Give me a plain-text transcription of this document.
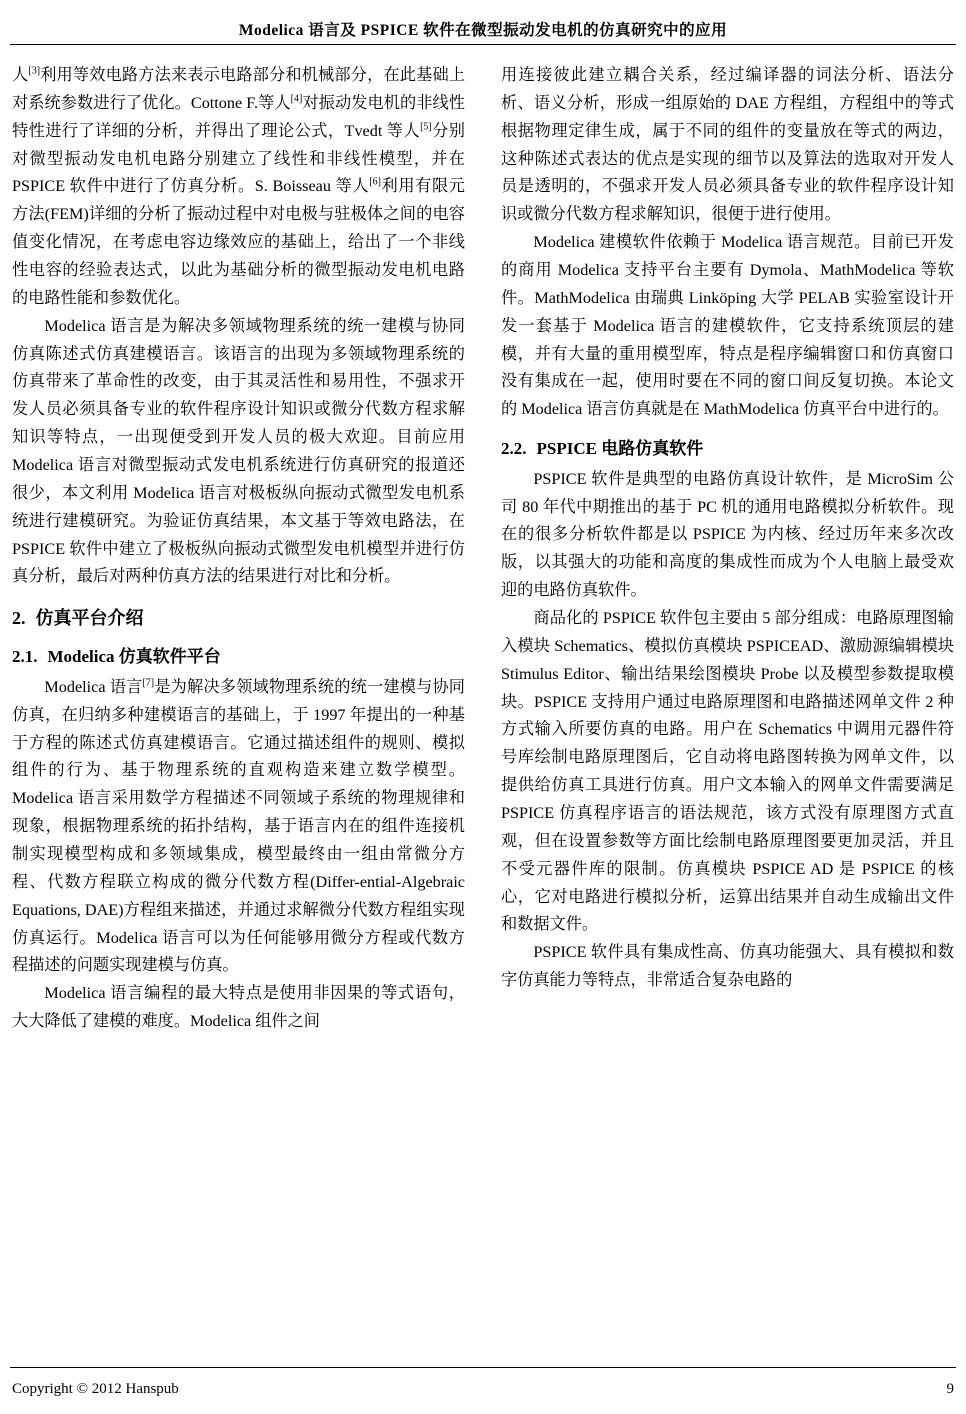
Modelica 语言及 PSPICE 软件在微型振动发电机的仿真研究中的应用

人[3]利用等效电路方法来表示电路部分和机械部分，在此基础上对系统参数进行了优化。Cottone F.等人[4]对振动发电机的非线性特性进行了详细的分析，并得出了理论公式，Tvedt 等人[5]分别对微型振动发电机电路分别建立了线性和非线性模型，并在 PSPICE 软件中进行了仿真分析。S. Boisseau 等人[6]利用有限元方法(FEM)详细的分析了振动过程中对电极与驻极体之间的电容值变化情况，在考虑电容边缘效应的基础上，给出了一个非线性电容的经验表达式，以此为基础分析的微型振动发电机电路的电路性能和参数优化。

Modelica 语言是为解决多领域物理系统的统一建模与协同仿真陈述式仿真建模语言。该语言的出现为多领域物理系统的仿真带来了革命性的改变，由于其灵活性和易用性，不强求开发人员必须具备专业的软件程序设计知识或微分代数方程求解知识等特点，一出现便受到开发人员的极大欢迎。目前应用 Modelica 语言对微型振动式发电机系统进行仿真研究的报道还很少，本文利用 Modelica 语言对极板纵向振动式微型发电机系统进行建模研究。为验证仿真结果，本文基于等效电路法，在 PSPICE 软件中建立了极板纵向振动式微型发电机模型并进行仿真分析，最后对两种仿真方法的结果进行对比和分析。

2. 仿真平台介绍
2.1. Modelica 仿真软件平台

Modelica 语言[7]是为解决多领域物理系统的统一建模与协同仿真，在归纳多种建模语言的基础上，于 1997 年提出的一种基于方程的陈述式仿真建模语言。它通过描述组件的规则、模拟组件的行为、基于物理系统的直观构造来建立数学模型。Modelica 语言采用数学方程描述不同领域子系统的物理规律和现象，根据物理系统的拓扑结构，基于语言内在的组件连接机制实现模型构成和多领域集成，模型最终由一组由常微分方程、代数方程联立构成的微分代数方程(Differ-ential-Algebraic Equations, DAE)方程组来描述，并通过求解微分代数方程组实现仿真运行。Modelica 语言可以为任何能够用微分方程或代数方程描述的问题实现建模与仿真。

Modelica 语言编程的最大特点是使用非因果的等式语句，大大降低了建模的难度。Modelica 组件之间

用连接彼此建立耦合关系，经过编译器的词法分析、语法分析、语义分析，形成一组原始的 DAE 方程组，方程组中的等式根据物理定律生成，属于不同的组件的变量放在等式的两边，这种陈述式表达的优点是实现的细节以及算法的选取对开发人员是透明的，不强求开发人员必须具备专业的软件程序设计知识或微分代数方程求解知识，很便于进行使用。

Modelica 建模软件依赖于 Modelica 语言规范。目前已开发的商用 Modelica 支持平台主要有 Dymola、MathModelica 等软件。MathModelica 由瑞典 Linköping 大学 PELAB 实验室设计开发一套基于 Modelica 语言的建模软件，它支持系统顶层的建模，并有大量的重用模型库，特点是程序编辑窗口和仿真窗口没有集成在一起，使用时要在不同的窗口间反复切换。本论文的 Modelica 语言仿真就是在 MathModelica 仿真平台中进行的。

2.2. PSPICE 电路仿真软件

PSPICE 软件是典型的电路仿真设计软件，是 MicroSim 公司 80 年代中期推出的基于 PC 机的通用电路模拟分析软件。现在的很多分析软件都是以 PSPICE 为内核、经过历年来多次改版，以其强大的功能和高度的集成性而成为个人电脑上最受欢迎的电路仿真软件。

商品化的 PSPICE 软件包主要由 5 部分组成：电路原理图输入模块 Schematics、模拟仿真模块 PSPICEAD、激励源编辑模块 Stimulus Editor、输出结果绘图模块 Probe 以及模型参数提取模块。PSPICE 支持用户通过电路原理图和电路描述网单文件 2 种方式输入所要仿真的电路。用户在 Schematics 中调用元器件符号库绘制电路原理图后，它自动将电路图转换为网单文件，以提供给仿真工具进行仿真。用户文本输入的网单文件需要满足 PSPICE 仿真程序语言的语法规范，该方式没有原理图方式直观，但在设置参数等方面比绘制电路原理图要更加灵活，并且不受元器件库的限制。仿真模块 PSPICE AD 是 PSPICE 的核心，它对电路进行模拟分析，运算出结果并自动生成输出文件和数据文件。

PSPICE 软件具有集成性高、仿真功能强大、具有模拟和数字仿真能力等特点，非常适合复杂电路的

Copyright © 2012 Hanspub	9
